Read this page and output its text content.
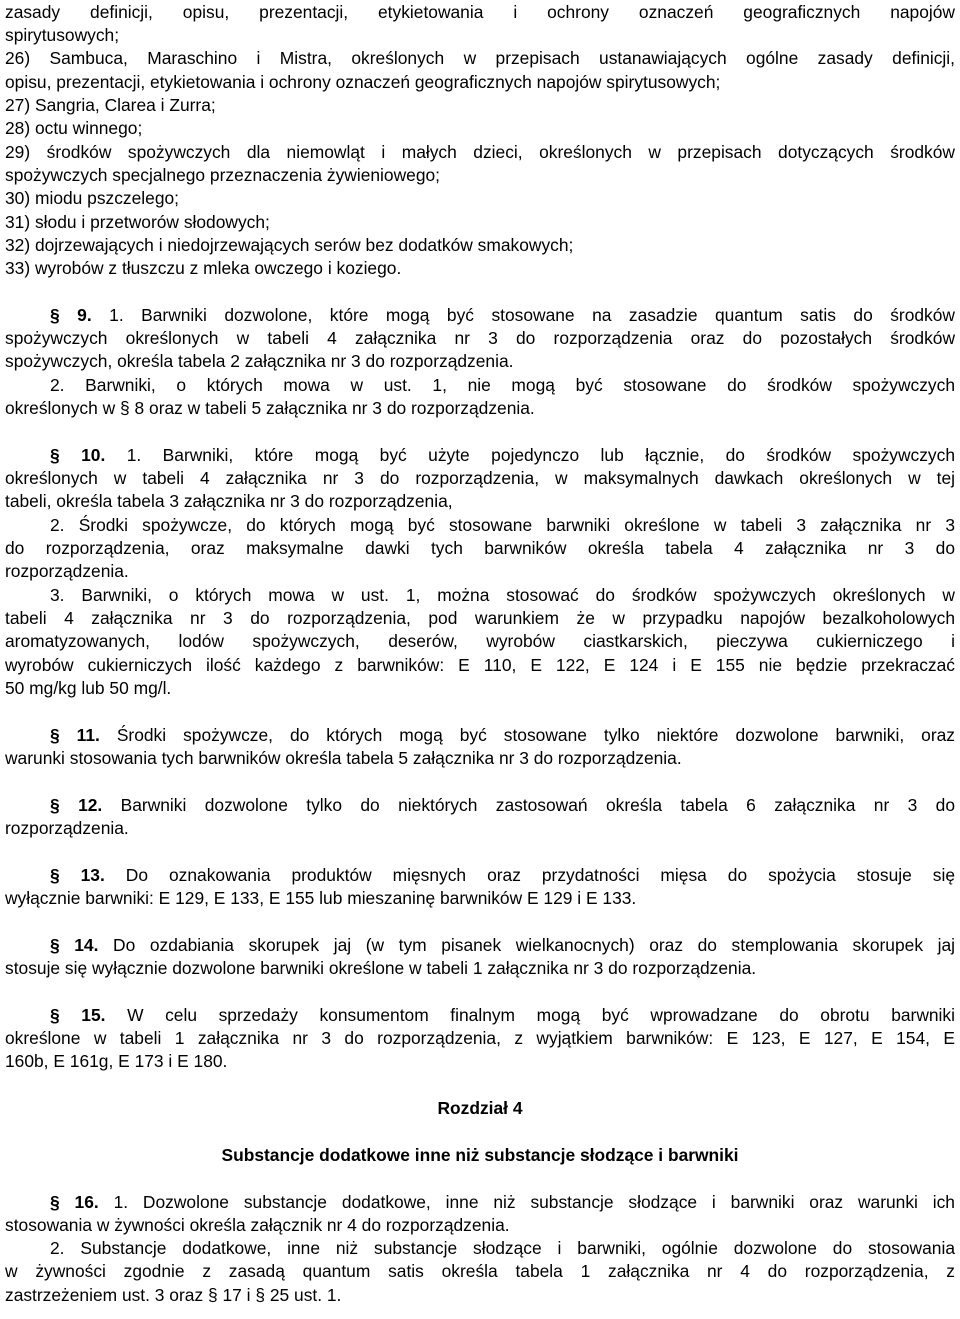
zasady definicji, opisu, prezentacji, etykietowania i ochrony oznaczeń geograficznych napojów
spirytusowych;
26) Sambuca, Maraschino i Mistra, określonych w przepisach ustanawiających ogólne zasady definicji,
opisu, prezentacji, etykietowania i ochrony oznaczeń geograficznych napojów spirytusowych;
27) Sangria, Clarea i Zurra;
28) octu winnego;
29) środków spożywczych dla niemowląt i małych dzieci, określonych w przepisach dotyczących środków
spożywczych specjalnego przeznaczenia żywieniowego;
30) miodu pszczelego;
31) słodu i przetworów słodowych;
32) dojrzewających i niedojrzewających serów bez dodatków smakowych;
33) wyrobów z tłuszczu z mleka owczego i koziego.
§ 9. 1. Barwniki dozwolone, które mogą być stosowane na zasadzie quantum satis do środków
spożywczych określonych w tabeli 4 załącznika nr 3 do rozporządzenia oraz do pozostałych środków
spożywczych, określa tabela 2 załącznika nr 3 do rozporządzenia.
2. Barwniki, o których mowa w ust. 1, nie mogą być stosowane do środków spożywczych
określonych w § 8 oraz w tabeli 5 załącznika nr 3 do rozporządzenia.
§ 10. 1. Barwniki, które mogą być użyte pojedynczo lub łącznie, do środków spożywczych
określonych w tabeli 4 załącznika nr 3 do rozporządzenia, w maksymalnych dawkach określonych w tej
tabeli, określa tabela 3 załącznika nr 3 do rozporządzenia,
2. Środki spożywcze, do których mogą być stosowane barwniki określone w tabeli 3 załącznika nr 3
do rozporządzenia, oraz maksymalne dawki tych barwników określa tabela 4 załącznika nr 3 do
rozporządzenia.
3. Barwniki, o których mowa w ust. 1, można stosować do środków spożywczych określonych w
tabeli 4 załącznika nr 3 do rozporządzenia, pod warunkiem że w przypadku napojów bezalkoholowych
aromatyzowanych, lodów spożywczych, deserów, wyrobów ciastkarskich, pieczywa cukierniczego i
wyrobów cukierniczych ilość każdego z barwników: E 110, E 122, E 124 i E 155 nie będzie przekraczać
50 mg/kg lub 50 mg/l.
§ 11. Środki spożywcze, do których mogą być stosowane tylko niektóre dozwolone barwniki, oraz
warunki stosowania tych barwników określa tabela 5 załącznika nr 3 do rozporządzenia.
§ 12. Barwniki dozwolone tylko do niektórych zastosowań określa tabela 6 załącznika nr 3 do
rozporządzenia.
§ 13. Do oznakowania produktów mięsnych oraz przydatności mięsa do spożycia stosuje się
wyłącznie barwniki: E 129, E 133, E 155 lub mieszaninę barwników E 129 i E 133.
§ 14. Do ozdabiania skorupek jaj (w tym pisanek wielkanocnych) oraz do stemplowania skorupek jaj
stosuje się wyłącznie dozwolone barwniki określone w tabeli 1 załącznika nr 3 do rozporządzenia.
§ 15. W celu sprzedaży konsumentom finalnym mogą być wprowadzane do obrotu barwniki
określone w tabeli 1 załącznika nr 3 do rozporządzenia, z wyjątkiem barwników: E 123, E 127, E 154, E
160b, E 161g, E 173 i E 180.
Rozdział 4
Substancje dodatkowe inne niż substancje słodzące i barwniki
§ 16. 1. Dozwolone substancje dodatkowe, inne niż substancje słodzące i barwniki oraz warunki ich
stosowania w żywności określa załącznik nr 4 do rozporządzenia.
2. Substancje dodatkowe, inne niż substancje słodzące i barwniki, ogólnie dozwolone do stosowania
w żywności zgodnie z zasadą quantum satis określa tabela 1 załącznika nr 4 do rozporządzenia, z
zastrzeżeniem ust. 3 oraz § 17 i § 25 ust. 1.
